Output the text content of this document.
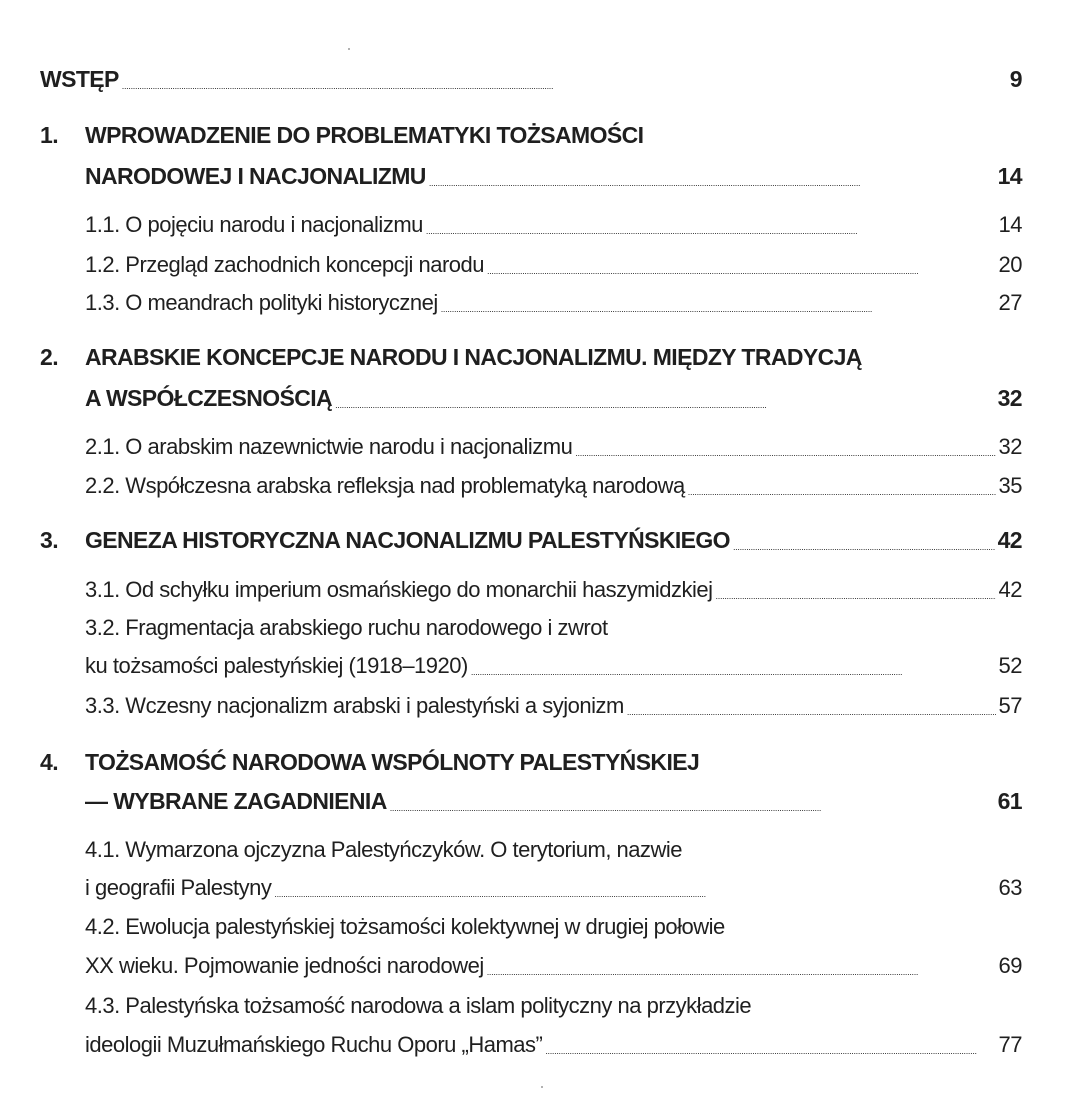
WSTĘP . . .	9
1. WPROWADZENIE DO PROBLEMATYKI TOŻSAMOŚCI
NARODOWEJ I NACJONALIZMU . . .	14
1.1. O pojęciu narodu i nacjonalizmu . . .	14
1.2. Przegląd zachodnich koncepcji narodu . . .	20
1.3. O meandrach polityki historycznej . . .	27
2. ARABSKIE KONCEPCJE NARODU I NACJONALIZMU. MIĘDZY TRADYCJĄ
A WSPÓŁCZESNOŚCIĄ . . .	32
2.1. O arabskim nazewnictwie narodu i nacjonalizmu . . .	32
2.2. Współczesna arabska refleksja nad problematyką narodową . . .	35
3.	GENEZA HISTORYCZNA NACJONALIZMU PALESTYŃSKIEGO . . .	42
3.1. Od schyłku imperium osmańskiego do monarchii haszymidzkiej . . .	42
3.2. Fragmentacja arabskiego ruchu narodowego i zwrot
ku tożsamości palestyńskiej (1918–1920) . . .	52
3.3. Wczesny nacjonalizm arabski i palestyński a syjonizm . . .	57
4. TOŻSAMOŚĆ NARODOWA WSPÓLNOTY PALESTYŃSKIEJ
— WYBRANE ZAGADNIENIA . . .	61
4.1. Wymarzona ojczyzna Palestyńczyków. O terytorium, nazwie
i geografii Palestyny . . .	63
4.2. Ewolucja palestyńskiej tożsamości kolektywnej w drugiej połowie
XX wieku. Pojmowanie jedności narodowej . . .	69
4.3. Palestyńska tożsamość narodowa a islam polityczny na przykładzie
ideologii Muzułmańskiego Ruchu Oporu „Hamas” . . .	77
